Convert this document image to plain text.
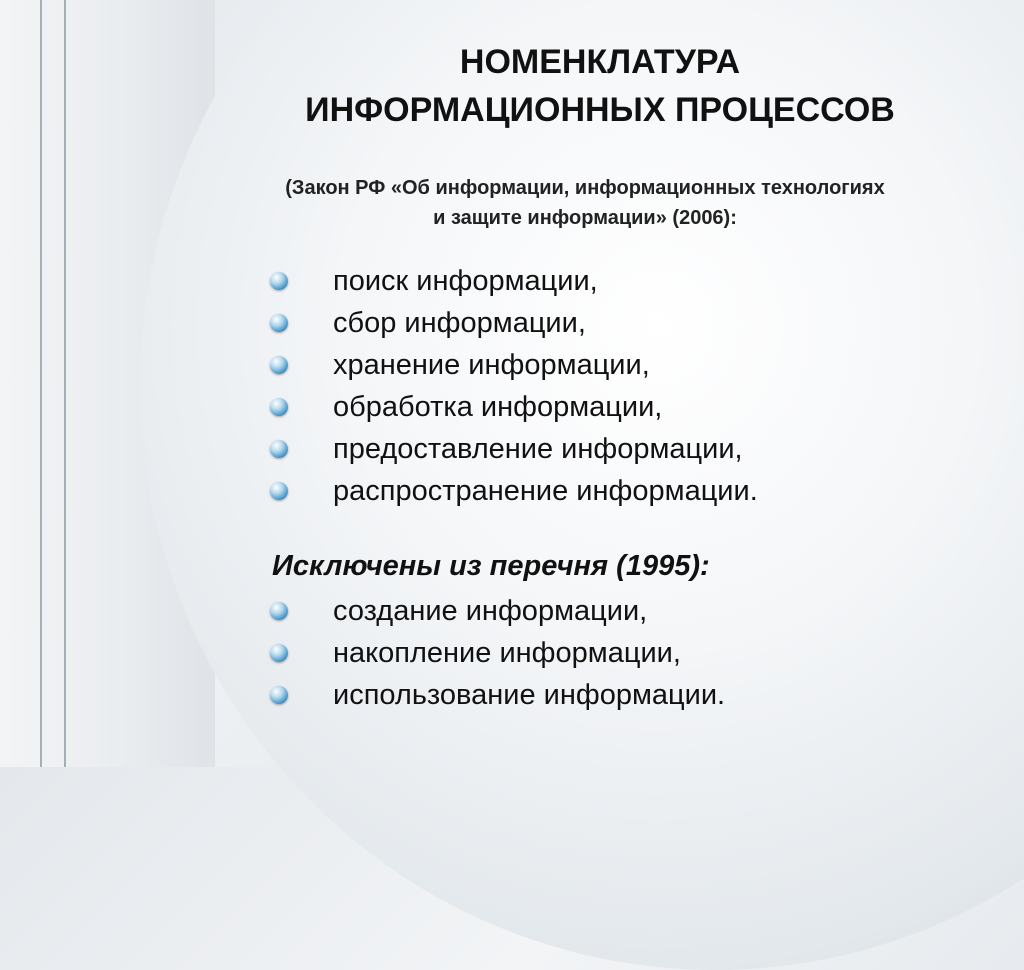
НОМЕНКЛАТУРА
ИНФОРМАЦИОННЫХ ПРОЦЕССОВ
(Закон РФ «Об информации, информационных технологиях
и защите информации» (2006):
поиск информации,
сбор информации,
хранение информации,
обработка информации,
предоставление информации,
распространение информации.
Исключены из перечня (1995):
создание информации,
накопление информации,
использование информации.
